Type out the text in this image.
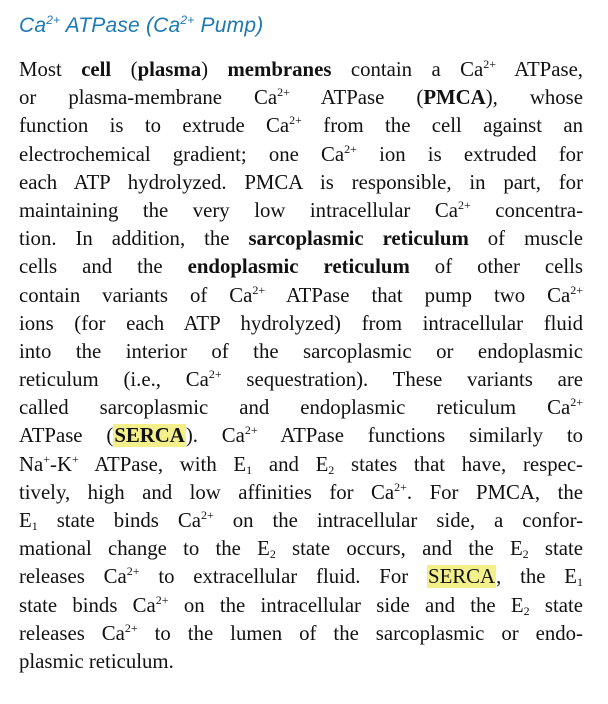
$Ca^{2+}$ ATPase ($Ca^{2+}$ Pump)
Most cell (plasma) membranes contain a $Ca^{2+}$ ATPase,
or plasma-membrane $Ca^{2+}$ ATPase (PMCA), whose
function is to extrude $Ca^{2+}$ from the cell against an
electrochemical gradient; one $Ca^{2+}$ ion is extruded for
each ATP hydrolyzed. PMCA is responsible, in part, for
maintaining the very low intracellular $Ca^{2+}$ concentra-
tion. In addition, the sarcoplasmic reticulum of muscle
cells and the endoplasmic reticulum of other cells
contain variants of $Ca^{2+}$ ATPase that pump two $Ca^{2+}$
ions (for each ATP hydrolyzed) from intracellular fluid
into the interior of the sarcoplasmic or endoplasmic
reticulum (i.e., $Ca^{2+}$ sequestration). These variants are
called sarcoplasmic and endoplasmic reticulum $Ca^{2+}$
ATPase (SERCA). $Ca^{2+}$ ATPase functions similarly to
Na+-K+ ATPase, with $E_1$ and $E_2$ states that have, respec-
tively, high and low affinities for $Ca^{2+}$. For PMCA, the
$E_1$ state binds $Ca^{2+}$ on the intracellular side, a confor-
mational change to the $E_2$ state occurs, and the $E_2$ state
releases $Ca^{2+}$ to extracellular fluid. For SERCA, the $E_1$
state binds $Ca^{2+}$ on the intracellular side and the $E_2$ state
releases $Ca^{2+}$ to the lumen of the sarcoplasmic or endo-
plasmic reticulum.
